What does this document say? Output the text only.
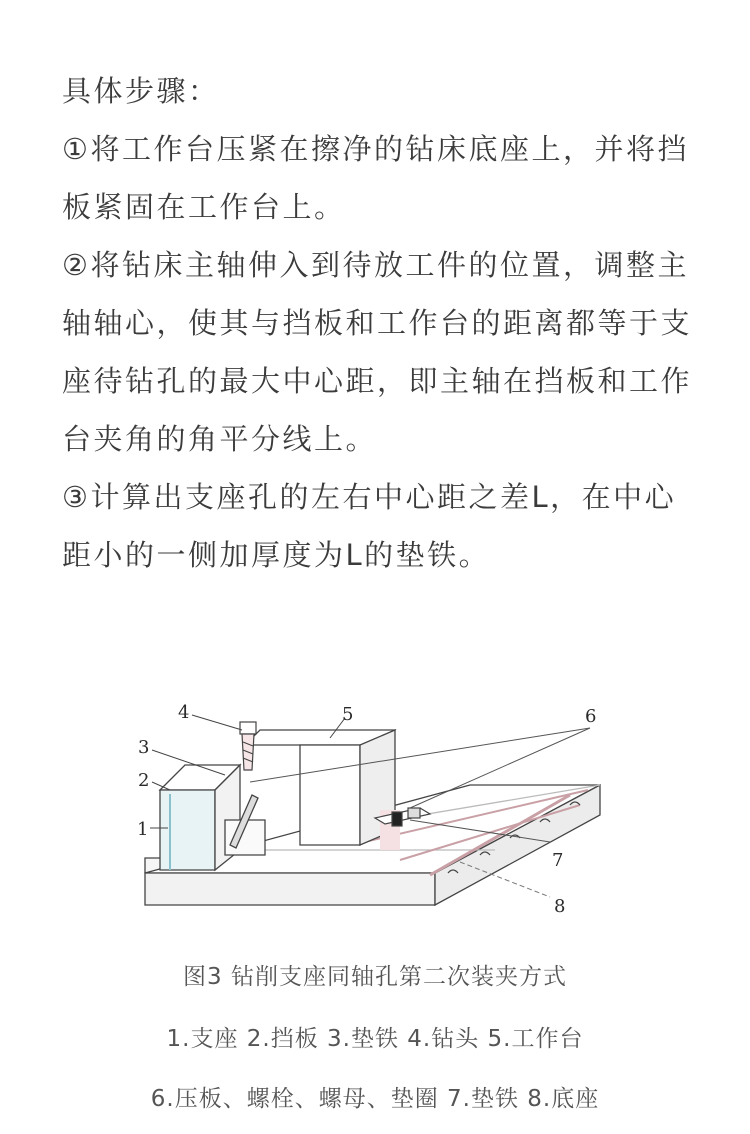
具体步骤：

①将工作台压紧在擦净的钻床底座上，并将挡板紧固在工作台上。

②将钻床主轴伸入到待放工件的位置，调整主轴轴心，使其与挡板和工作台的距离都等于支座待钻孔的最大中心距，即主轴在挡板和工作台夹角的角平分线上。

③计算出支座孔的左右中心距之差L，在中心距小的一侧加厚度为L的垫铁。

1
2
3
4	5	6
7
8
图3 钻削支座同轴孔第二次装夹方式
1.支座 2.挡板 3.垫铁 4.钻头 5.工作台
6.压板、螺栓、螺母、垫圈 7.垫铁 8.底座
